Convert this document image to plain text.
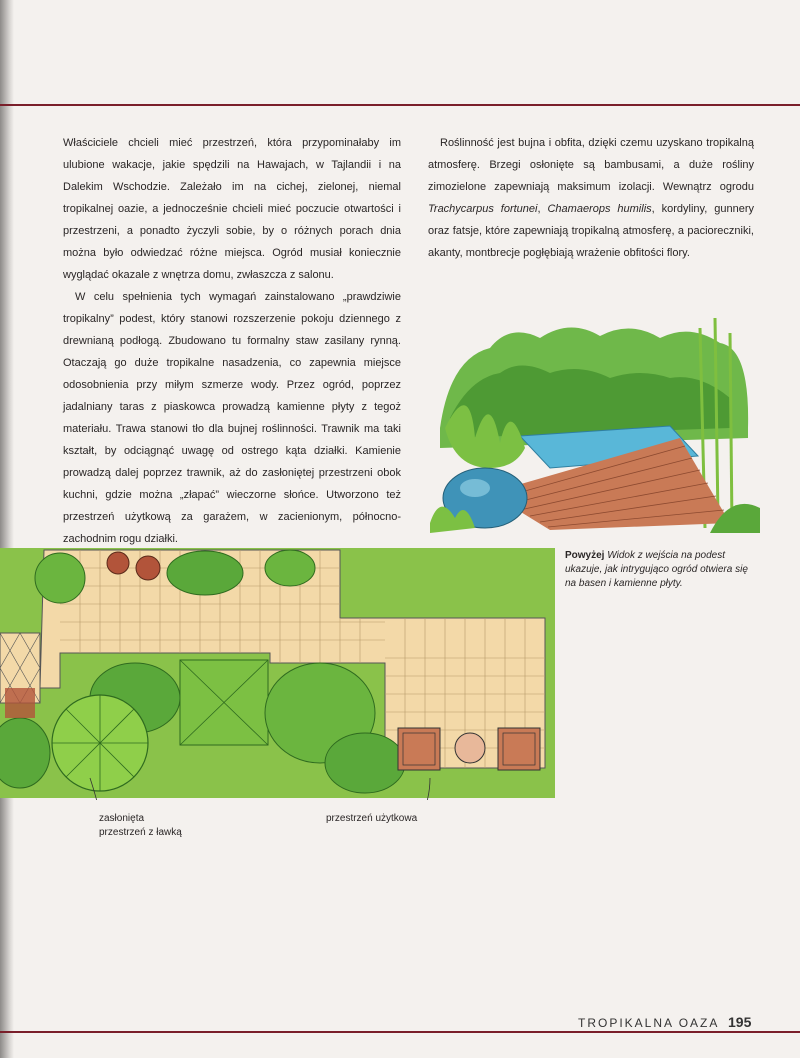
Właściciele chcieli mieć przestrzeń, która przypominałaby im ulubione wakacje, jakie spędzili na Hawajach, w Tajlandii i na Dalekim Wschodzie. Zależało im na cichej, zielonej, niemal tropikalnej oazie, a jednocześnie chcieli mieć poczucie otwartości i przestrzeni, a ponadto życzyli sobie, by o różnych porach dnia można było odwiedzać różne miejsca. Ogród musiał koniecznie wyglądać okazale z wnętrza domu, zwłaszcza z salonu.

W celu spełnienia tych wymagań zainstalowano „prawdziwie tropikalny” podest, który stanowi rozszerzenie pokoju dziennego z drewnianą podłogą. Zbudowano tu formalny staw zasilany rynną. Otaczają go duże tropikalne nasadzenia, co zapewnia miejsce odosobnienia przy miłym szmerze wody. Przez ogród, poprzez jadalniany taras z piaskowca prowadzą kamienne płyty z tegoż materiału. Trawa stanowi tło dla bujnej roślinności. Trawnik ma taki kształt, by odciągnąć uwagę od ostrego kąta działki. Kamienie prowadzą dalej poprzez trawnik, aż do zasłoniętej przestrzeni obok kuchni, gdzie można „złapać” wieczorne słońce. Utworzono też przestrzeń użytkową za garażem, w zacienionym, północno-zachodnim rogu działki.

Roślinność jest bujna i obfita, dzięki czemu uzyskano tropikalną atmosferę. Brzegi osłonięte są bambusami, a duże rośliny zimozielone zapewniają maksimum izolacji. Wewnątrz ogrodu Trachycarpus fortunei, Chamaerops humilis, kordyliny, gunnery oraz fatsje, które zapewniają tropikalną atmosferę, a pacioreczniki, akanty, montbrecje pogłębiają wrażenie obfitości flory.

Powyżej Widok z wejścia na podest ukazuje, jak intrygująco ogród otwiera się na basen i kamienne płyty.
zasłonięta
przestrzeń z ławką
przestrzeń użytkowa
TROPIKALNA OAZA 195
